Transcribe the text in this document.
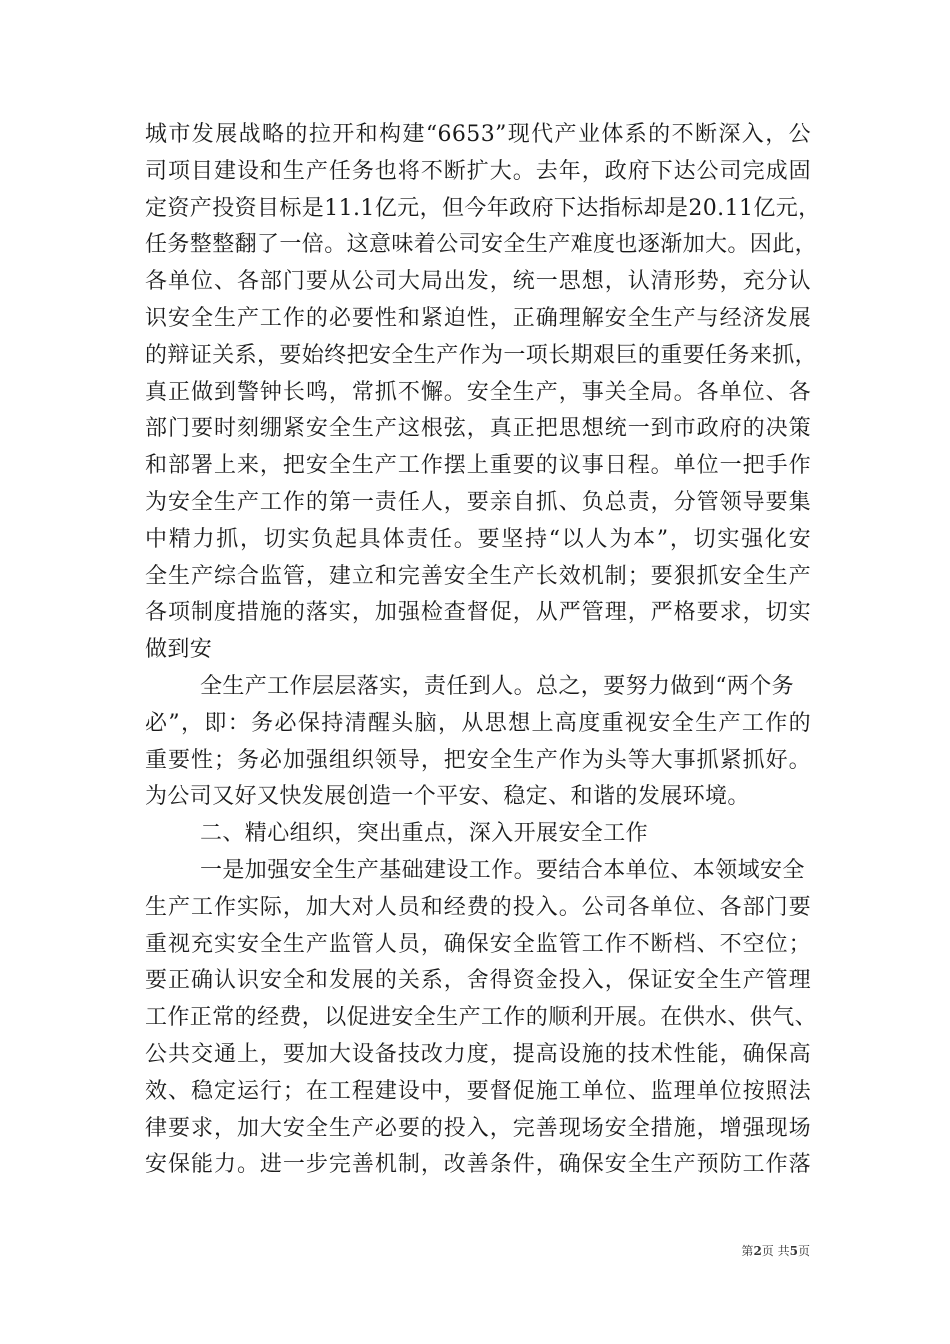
城市发展战略的拉开和构建“6653”现代产业体系的不断深入，公
司项目建设和生产任务也将不断扩大。去年，政府下达公司完成固
定资产投资目标是11.1亿元，但今年政府下达指标却是20.11亿元，
任务整整翻了一倍。这意味着公司安全生产难度也逐渐加大。因此，
各单位、各部门要从公司大局出发，统一思想，认清形势，充分认
识安全生产工作的必要性和紧迫性，正确理解安全生产与经济发展
的辩证关系，要始终把安全生产作为一项长期艰巨的重要任务来抓，
真正做到警钟长鸣，常抓不懈。安全生产，事关全局。各单位、各
部门要时刻绷紧安全生产这根弦，真正把思想统一到市政府的决策
和部署上来，把安全生产工作摆上重要的议事日程。单位一把手作
为安全生产工作的第一责任人，要亲自抓、负总责，分管领导要集
中精力抓，切实负起具体责任。要坚持“以人为本”，切实强化安
全生产综合监管，建立和完善安全生产长效机制；要狠抓安全生产
各项制度措施的落实，加强检查督促，从严管理，严格要求，切实
做到安
全生产工作层层落实，责任到人。总之，要努力做到“两个务
必”，即：务必保持清醒头脑，从思想上高度重视安全生产工作的
重要性；务必加强组织领导，把安全生产作为头等大事抓紧抓好。
为公司又好又快发展创造一个平安、稳定、和谐的发展环境。
二、精心组织，突出重点，深入开展安全工作
一是加强安全生产基础建设工作。要结合本单位、本领域安全
生产工作实际，加大对人员和经费的投入。公司各单位、各部门要
重视充实安全生产监管人员，确保安全监管工作不断档、不空位；
要正确认识安全和发展的关系，舍得资金投入，保证安全生产管理
工作正常的经费，以促进安全生产工作的顺利开展。在供水、供气、
公共交通上，要加大设备技改力度，提高设施的技术性能，确保高
效、稳定运行；在工程建设中，要督促施工单位、监理单位按照法
律要求，加大安全生产必要的投入，完善现场安全措施，增强现场
安保能力。进一步完善机制，改善条件，确保安全生产预防工作落
第2页 共5页
